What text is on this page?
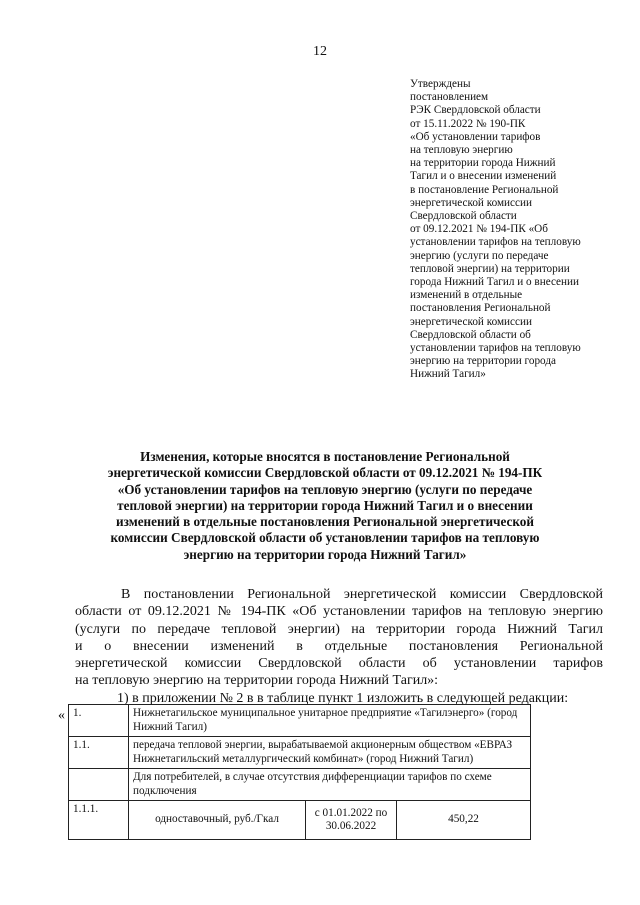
12
Утверждены
постановлением
РЭК Свердловской области
от 15.11.2022 № 190-ПК
«Об установлении тарифов
на тепловую энергию
на территории города Нижний
Тагил и о внесении изменений
в постановление Региональной
энергетической комиссии
Свердловской области
от 09.12.2021 № 194-ПК «Об
установлении тарифов на тепловую
энергию (услуги по передаче
тепловой энергии) на территории
города Нижний Тагил и о внесении
изменений в отдельные
постановления Региональной
энергетической комиссии
Свердловской области об
установлении тарифов на тепловую
энергию на территории города
Нижний Тагил»
Изменения, которые вносятся в постановление Региональной
энергетической комиссии Свердловской области от 09.12.2021 № 194-ПК
«Об установлении тарифов на тепловую энергию (услуги по передаче
тепловой энергии) на территории города Нижний Тагил и о внесении
изменений в отдельные постановления Региональной энергетической
комиссии Свердловской области об установлении тарифов на тепловую
энергию на территории города Нижний Тагил»
В постановлении Региональной энергетической комиссии Свердловской
области от 09.12.2021 № 194-ПК «Об установлении тарифов на тепловую энергию
(услуги по передаче тепловой энергии) на территории города Нижний Тагил
и о внесении изменений в отдельные постановления Региональной
энергетической комиссии Свердловской области об установлении тарифов
на тепловую энергию на территории города Нижний Тагил»:
1) в приложении № 2 в в таблице пункт 1 изложить в следующей редакции:
« 1.	Нижнетагильское муниципальное унитарное предприятие «Тагилэнерго» (город Нижний Тагил)		
1.1.	передача тепловой энергии, вырабатываемой акционерным обществом «ЕВРАЗ Нижнетагильский металлургический комбинат» (город Нижний Тагил)		
	Для потребителей, в случае отсутствия дифференциации тарифов по схеме подключения		
1.1.1.	одноставочный, руб./Гкал	с 01.01.2022 по 30.06.2022	450,22
